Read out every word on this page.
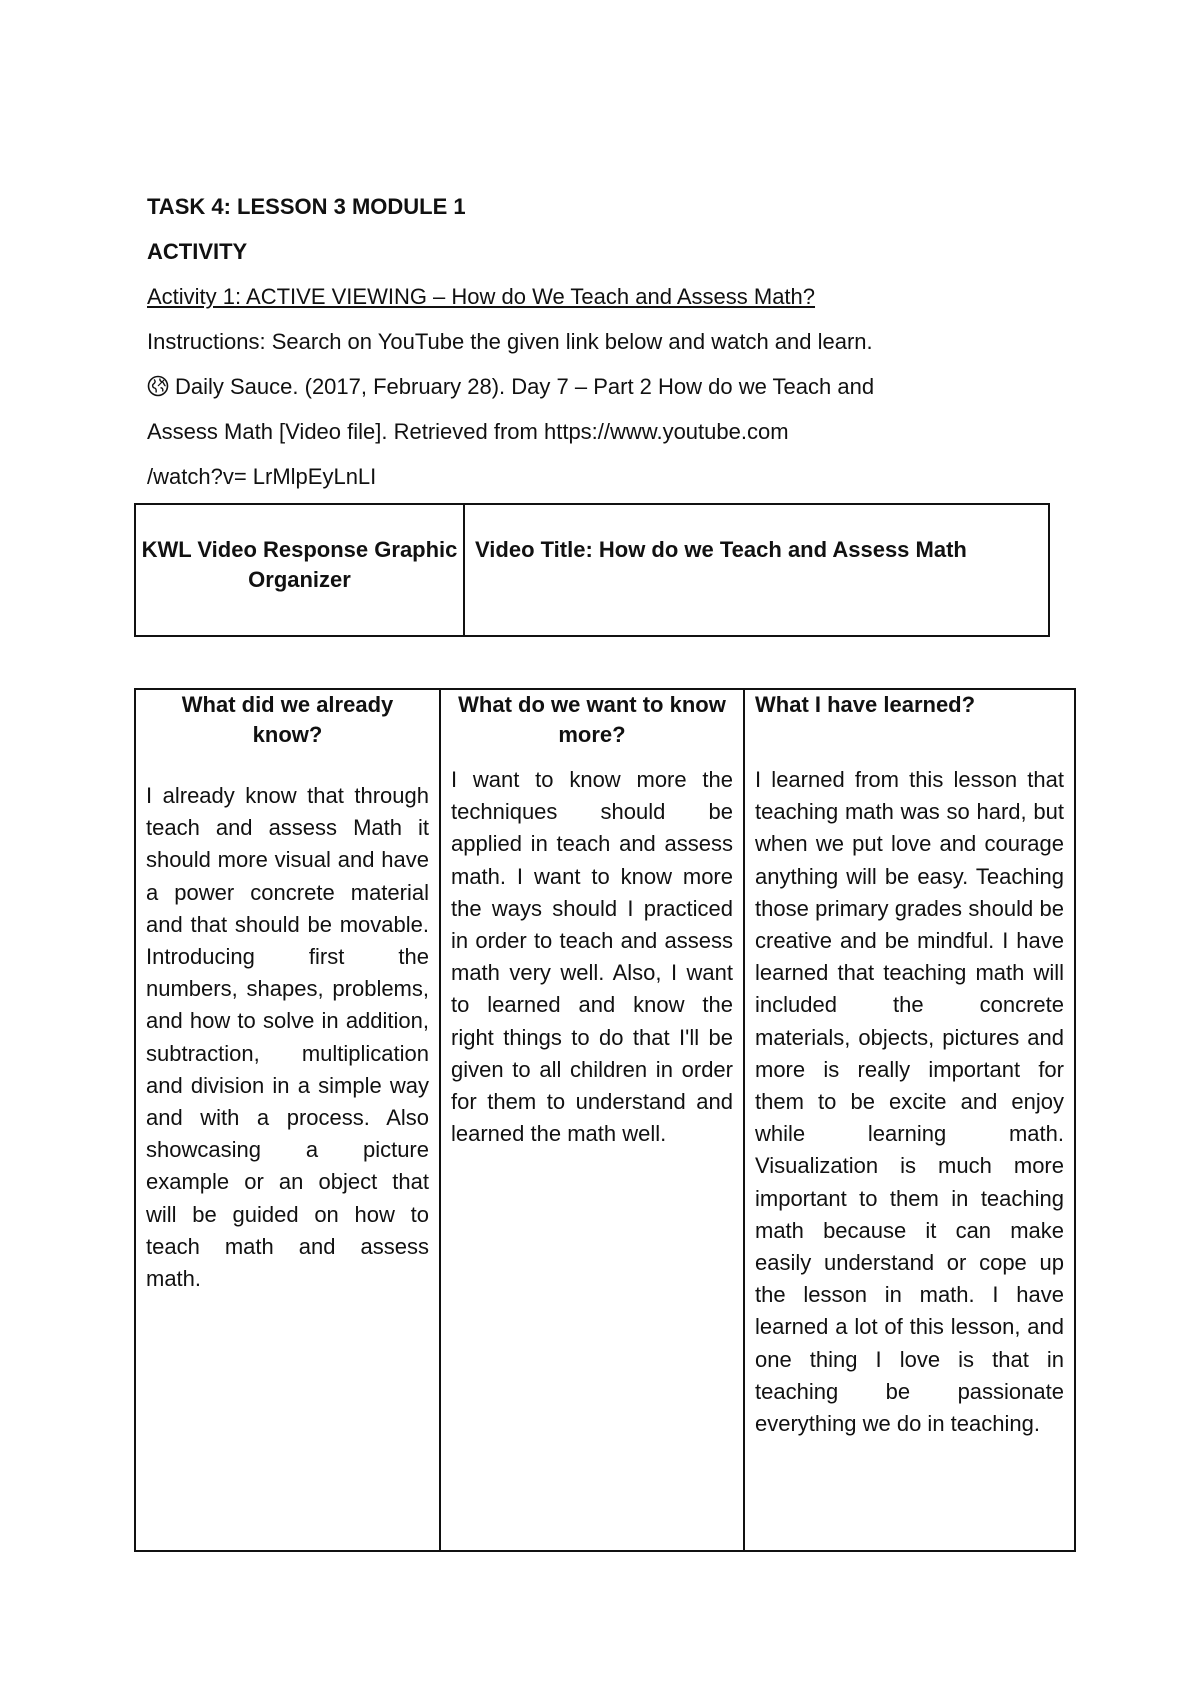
TASK 4: LESSON 3 MODULE 1
ACTIVITY
Activity 1: ACTIVE VIEWING – How do We Teach and Assess Math?
Instructions: Search on YouTube the given link below and watch and learn.
Daily Sauce. (2017, February 28). Day 7 – Part 2 How do we Teach and
Assess Math [Video file]. Retrieved from https://www.youtube.com
/watch?v= LrMlpEyLnLI
KWL Video Response Graphic Organizer
Video Title: How do we Teach and Assess Math
What did we already know?
I already know that through teach and assess Math it should more visual and have a power concrete material and that should be movable. Introducing first the numbers, shapes, problems, and how to solve in addition, subtraction, multiplication and division in a simple way and with a process. Also showcasing a picture example or an object that will be guided on how to teach math and assess math.
What do we want to know more?
I want to know more the techniques should be applied in teach and assess math. I want to know more the ways should I practiced in order to teach and assess math very well. Also, I want to learned and know the right things to do that I'll be given to all children in order for them to understand and learned the math well.
What I have learned?
I learned from this lesson that teaching math was so hard, but when we put love and courage anything will be easy. Teaching those primary grades should be creative and be mindful. I have learned that teaching math will included the concrete materials, objects, pictures and more is really important for them to be excite and enjoy while learning math. Visualization is much more important to them in teaching math because it can make easily understand or cope up the lesson in math. I have learned a lot of this lesson, and one thing I love is that in teaching be passionate everything we do in teaching.
